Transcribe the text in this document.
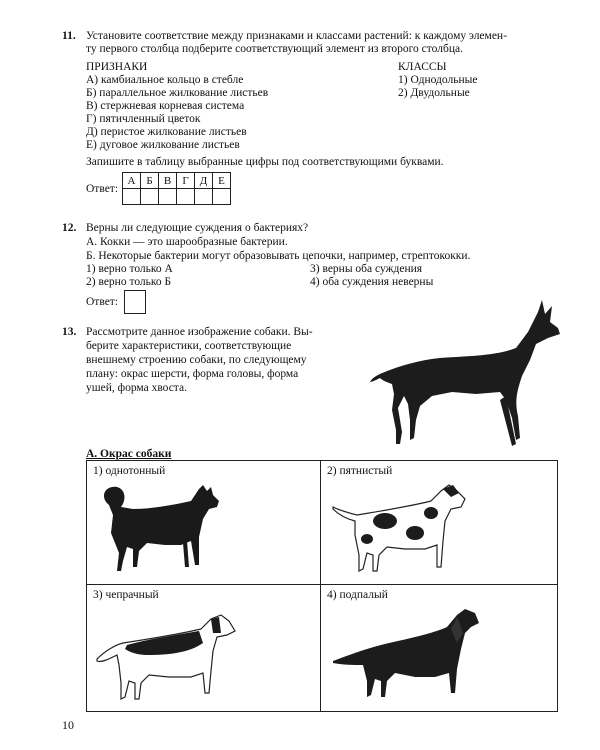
11. Установите соответствие между признаками и классами растений: к каждому элемен-
ту первого столбца подберите соответствующий элемент из второго столбца.
ПРИЗНАКИ	КЛАССЫ
А) камбиальное кольцо в стебле
Б) параллельное жилкование листьев
В) стержневая корневая система
Г) пятичленный цветок
Д) перистое жилкование листьев
Е) дуговое жилкование листьев
1) Однодольные
2) Двудольные
Запишите в таблицу выбранные цифры под соответствующими буквами.
Ответ:
А	Б	В	Г	Д	Е

12. Верны ли следующие суждения о бактериях?
А. Кокки — это шарообразные бактерии.
Б. Некоторые бактерии могут образовывать цепочки, например, стрептококки.
1) верно только А
2) верно только Б
3) верны оба суждения
4) оба суждения неверны
Ответ:
13. Рассмотрите данное изображение собаки. Вы-
берите характеристики, соответствующие
внешнему строению собаки, по следующему
плану: окрас шерсти, форма головы, форма
ушей, форма хвоста.
А. Окрас собаки
1) однотонный	2) пятнистый
3) чепрачный	4) подпалый
10
